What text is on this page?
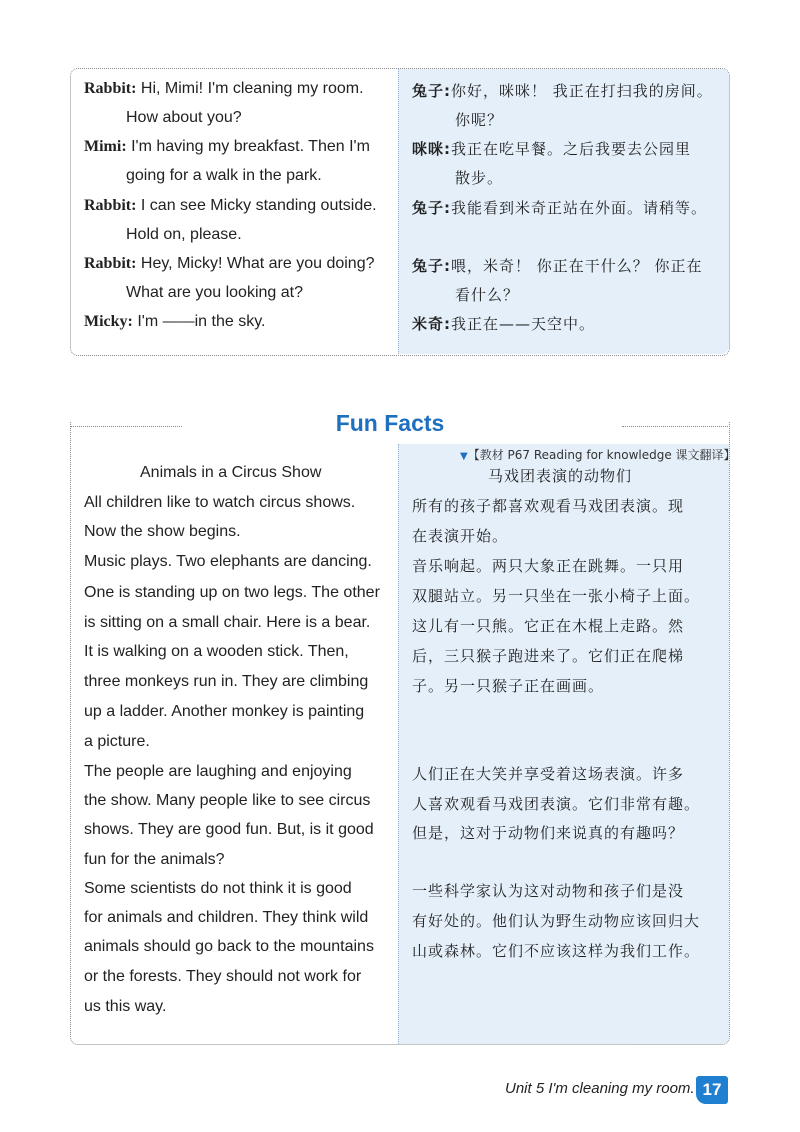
Rabbit: Hi, Mimi! I'm cleaning my room.
How about you?
Mimi: I'm having my breakfast. Then I'm
going for a walk in the park.
Rabbit: I can see Micky standing outside.
Hold on, please.
Rabbit: Hey, Micky! What are you doing?
What are you looking at?
Micky: I'm ——in the sky.
兔子:你好，咪咪！ 我正在打扫我的房间。
你呢？
咪咪:我正在吃早餐。之后我要去公园里
散步。
兔子:我能看到米奇正站在外面。请稍等。
兔子:喂，米奇！ 你正在干什么？ 你正在
看什么？
米奇:我正在——天空中。
Fun Facts
▼【教材 P67 Reading for knowledge 课文翻译】
Animals in a Circus Show	马戏团表演的动物们
All children like to watch circus shows.
Now the show begins.
Music plays. Two elephants are dancing.
One is standing up on two legs. The other
is sitting on a small chair. Here is a bear.
It is walking on a wooden stick. Then,
three monkeys run in. They are climbing
up a ladder. Another monkey is painting
a picture.
The people are laughing and enjoying
the show. Many people like to see circus
shows. They are good fun. But, is it good
fun for the animals?
Some scientists do not think it is good
for animals and children. They think wild
animals should go back to the mountains
or the forests. They should not work for
us this way.
所有的孩子都喜欢观看马戏团表演。现
在表演开始。
音乐响起。两只大象正在跳舞。一只用
双腿站立。另一只坐在一张小椅子上面。
这儿有一只熊。它正在木棍上走路。然
后，三只猴子跑进来了。它们正在爬梯
子。另一只猴子正在画画。
人们正在大笑并享受着这场表演。许多
人喜欢观看马戏团表演。它们非常有趣。
但是，这对于动物们来说真的有趣吗？
一些科学家认为这对动物和孩子们是没
有好处的。他们认为野生动物应该回归大
山或森林。它们不应该这样为我们工作。
Unit 5 I'm cleaning my room. 17
